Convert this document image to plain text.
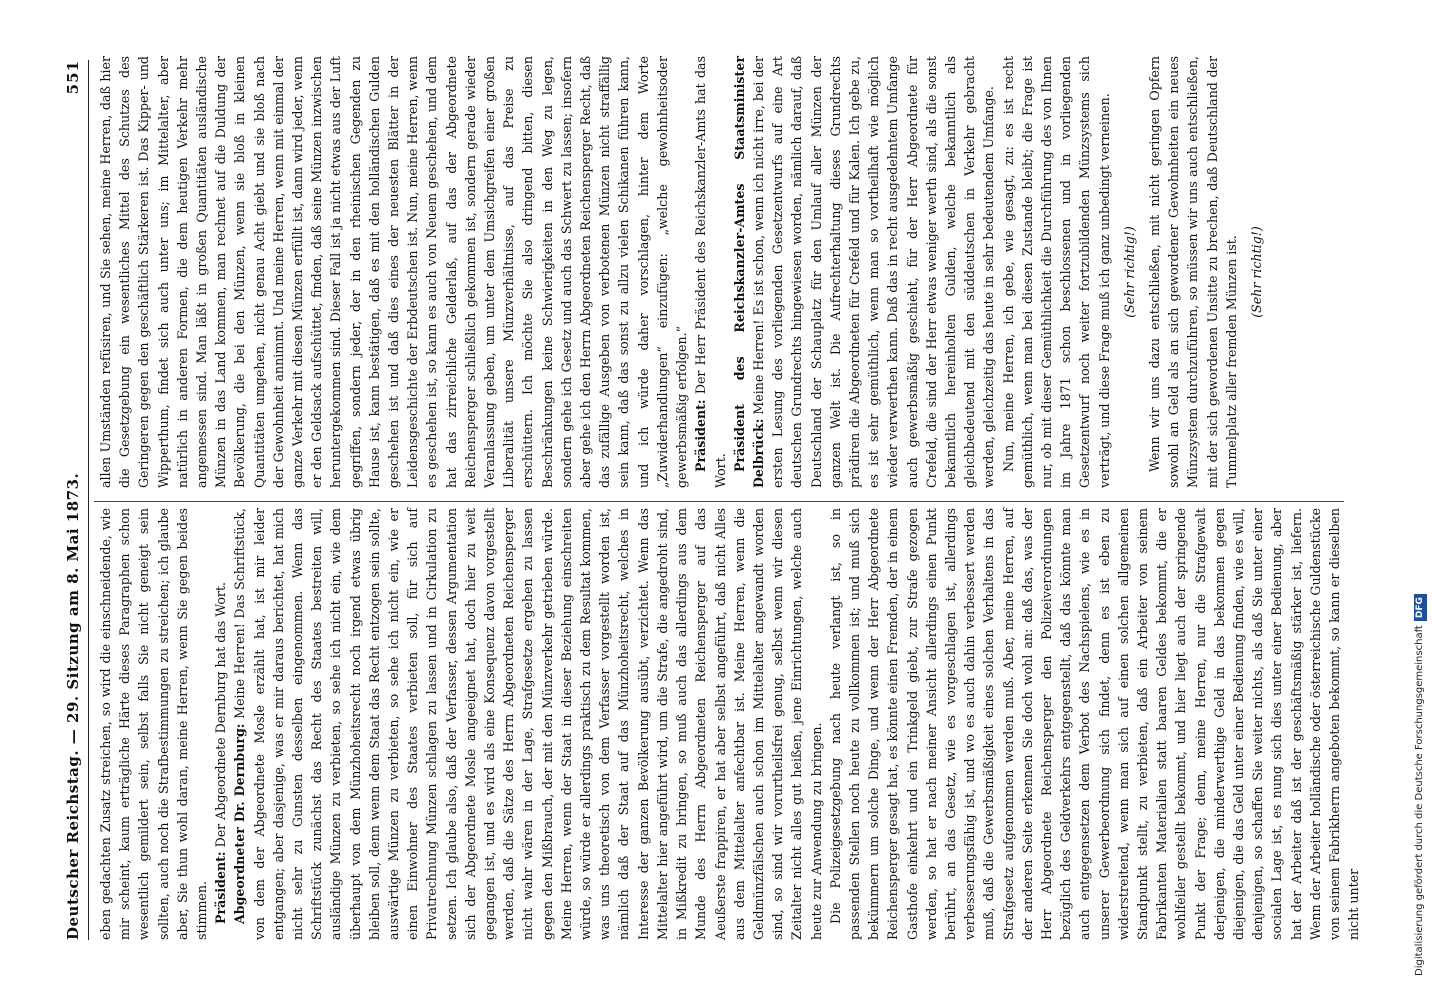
Deutscher Reichstag. — 29. Sitzung am 8. Mai 1873.
551

eben gedachten Zusatz streichen, so wird die einschneidende, wie mir scheint, kaum erträgliche Härte dieses Paragraphen schon wesentlich gemildert sein, selbst falls Sie nicht geneigt sein sollten, auch noch die Strafbestimmungen zu streichen; ich glaube aber, Sie thun wohl daran, meine Herren, wenn Sie gegen beides stimmen. Präsident: Der Abgeordnete Dernburg hat das Wort. Abgeordneter Dr. Dernburg: Meine Herren! Das Schriftstück, von dem der Abgeordnete Mosle erzählt hat, ist mir leider entgangen; aber dasjenige, was er mir daraus berichtet, hat mich nicht sehr zu Gunsten desselben eingenommen. Wenn das Schriftstück zunächst das Recht des Staates bestreiten will, ausländige Münzen zu verbieten, so sehe ich nicht ein, wie dem überhaupt von dem Münzhoheitsrecht noch irgend etwas übrig bleiben soll, denn wenn dem Staat das Recht entzogen sein sollte, auswärtige Münzen zu verbieten, so sehe ich nicht ein, wie er einen Einwohner des Staates verbieten soll, für sich auf Privatrechnung Münzen schlagen zu lassen und in Cirkulation zu setzen. Ich glaube also, daß der Verfasser, dessen Argumentation sich der Abgeordnete Mosle angeeignet hat, doch hier zu weit gegangen ist, und es wird als eine Konsequenz davon vorgestellt werden, daß die Sätze des Herrn Abgeordneten Reichensperger nicht wahr wären in der Lage, Strafgesetze ergehen zu lassen gegen den Mißbrauch, der mit den Münzverkehr getrieben würde. Meine Herren, wenn der Staat in dieser Beziehung einschreiten würde, so würde er allerdings praktisch zu dem Resultat kommen, was uns theoretisch von dem Verfasser vorgestellt worden ist, nämlich daß der Staat auf das Münzhoheitsrecht, welches in Interesse der ganzen Bevölkerung ausübt, verzichtet. Wenn das Mittelalter hier angeführt wird, um die Strafe, die angedroht sind, in Mißkredit zu bringen, so muß auch das allerdings aus dem Munde des Herrn Abgeordneten Reichensperger auf das Aeußerste frappiren, er hat aber selbst angeführt, daß nicht Alles aus dem Mittelalter anfechtbar ist. Meine Herren, wenn die Geldmünzfälschen auch schon im Mittelalter angewandt worden sind, so sind wir vorurtheilsfrei genug, selbst wenn wir diesen Zeitalter nicht alles gut heißen, jene Einrichtungen, welche auch heute zur Anwendung zu bringen. Die Polizeigesetzgebung nach heute verlangt ist, so in passenden Stellen noch heute zu vollkommen ist; und muß sich bekümmern um solche Dinge, und wenn der Herr Abgeordnete Reichensperger gesagt hat, es könnte einen Fremden, der in einem Gasthofe einkehrt und ein Trinkgeld giebt, zur Strafe gezogen werden, so hat er nach meiner Ansicht allerdings einen Punkt berührt, an das Gesetz, wie es vorgeschlagen ist, allerdings verbesserungsfähig ist, und wo es auch dahin verbessert werden muß, daß die Gewerbsmäßigkeit eines solchen Verhaltens in das Strafgesetz aufgenommen werden muß. Aber, meine Herren, auf der anderen Seite erkennen Sie doch wohl an: daß das, was der Herr Abgeordnete Reichensperger den Polizeiverordnungen bezüglich des Geldverkehrs entgegenstellt, daß das könnte man auch entgegensetzen dem Verbot des Nachspielens, wie es in unserer Gewerbeordnung sich findet, denn es ist eben zu widerstreitend, wenn man sich auf einen solchen allgemeinen Standpunkt stellt, zu verbieten, daß ein Arbeiter von seinem Fabrikanten Materialien statt baaren Geldes bekommt, die er wohlfeiler gestellt bekommt, und hier liegt auch der springende Punkt der Frage; denn, meine Herren, nur die Strafgewalt derjenigen, die minderwerthige Geld in das bekommen gegen diejenigen, die das Geld unter einer Bedienung finden, wie es will, denjenigen, so schaffen Sie weiter nichts, als daß Sie unter einer socialen Lage ist, es nung sich dies unter einer Bedienung, aber hat der Arbeiter daß ist der geschäftsmäßig stärker ist, liefern. Wenn der Arbeiter holländische oder österreichische Guldenstücke von seinem Fabrikherrn angeboten bekommt, so kann er dieselben nicht unter

allen Umständen refüsiren, und Sie sehen, meine Herren, daß hier die Gesetzgebung ein wesentliches Mittel des Schutzes des Geringeren gegen den geschäftlich Stärkeren ist. Das Kipper- und Wipperthum, findet sich auch unter uns; im Mittelalter, aber natürlich in anderen Formen, die dem heutigen Verkehr mehr angemessen sind. Man läßt in großen Quantitäten ausländische Münzen in das Land kommen, man rechnet auf die Duldung der Bevölkerung, die bei den Münzen, wenn sie bloß in kleinen Quantitäten umgehen, nicht genau Acht giebt und sie bloß nach der Gewohnheit annimmt. Und meine Herren, wenn mit einmal der ganze Verkehr mit diesen Münzen erfüllt ist, dann wird jeder, wenn er den Geldsack aufschüttet, finden, daß seine Münzen inzwischen heruntergekommen sind. Dieser Fall ist ja nicht etwas aus der Luft gegriffen, sondern jeder, der in den rheinischen Gegenden zu Hause ist, kann bestätigen, daß es mit den holländischen Gulden geschehen ist und daß dies eines der neuesten Blätter in der Leidensgeschichte der Erbdeutschen ist. Nun, meine Herren, wenn es geschehen ist, so kann es auch von Neuem geschehen, und dem hat das zirreichliche Gelderlaß, auf das der Abgeordnete Reichensperger schließlich gekommen ist, sondern gerade wieder Veranlassung geben, um unter dem Umsichgreifen einer großen Liberalität unsere Münzverhältnisse, auf das Preise zu erschüttern. Ich möchte Sie also dringend bitten, diesen Beschränkungen keine Schwierigkeiten in den Weg zu legen, sondern gehe ich Gesetz und auch das Schwert zu lassen; insofern aber gehe ich den Herrn Abgeordneten Reichensperger Recht, daß das zufällige Ausgeben von verbotenen Münzen nicht straffällig sein kann, daß das sonst zu allzu vielen Schikanen führen kann, und ich würde daher vorschlagen, hinter dem Worte „Zuwiderhandlungen“ einzufügen: „welche gewohnheitsoder gewerbsmäßig erfolgen.“ Präsident: Der Herr Präsident des Reichskanzler-Amts hat das Wort. Präsident des Reichskanzler-Amtes Staatsminister Delbrück: Meine Herren! Es ist schon, wenn ich nicht irre, bei der ersten Lesung des vorliegenden Gesetzentwurfs auf eine Art deutschen Grundrechts hingewiesen worden, nämlich darauf, daß Deutschland der Schauplatz für den Umlauf aller Münzen der ganzen Welt ist. Die Aufrechterhaltung dieses Grundrechts prädiren die Abgeordneten für Crefeld und für Kalen. Ich gebe zu, es ist sehr gemüthlich, wenn man so vortheilhaft wie möglich wieder verwerthen kann. Daß das in recht ausgedehntem Umfange auch gewerbsmäßig geschieht, für der Herr Abgeordnete für Crefeld, die sind der Herr etwas weniger werth sind, als die sonst bekanntlich hereinholten Gulden, welche bekanntlich als gleichbedeutend mit den süddeutschen in Verkehr gebracht werden, gleichzeitig das heute in sehr bedeutendem Umfange. Nun, meine Herren, ich gebe, wie gesagt, zu: es ist recht gemüthlich, wenn man bei diesen Zustande bleibt; die Frage ist nur, ob mit dieser Gemüthlichkeit die Durchführung des von Ihnen im Jahre 1871 schon beschlossenen und in vorliegenden Gesetzentwurf noch weiter fortzubildenden Münzsystems sich verträgt, und diese Frage muß ich ganz unbedingt verneinen. (Sehr richtig!) Wenn wir uns dazu entschließen, mit nicht geringen Opfern sowohl an Geld als an sich gewordener Gewohnheiten ein neues Münzsystem durchzuführen, so müssen wir uns auch entschließen, mit der sich gewordenen Unsitte zu brechen, daß Deutschland der Tummelplatz aller fremden Münzen ist. (Sehr richtig!)

Digitalisierung gefördert durch die Deutsche Forschungsgemeinschaft
DFG
